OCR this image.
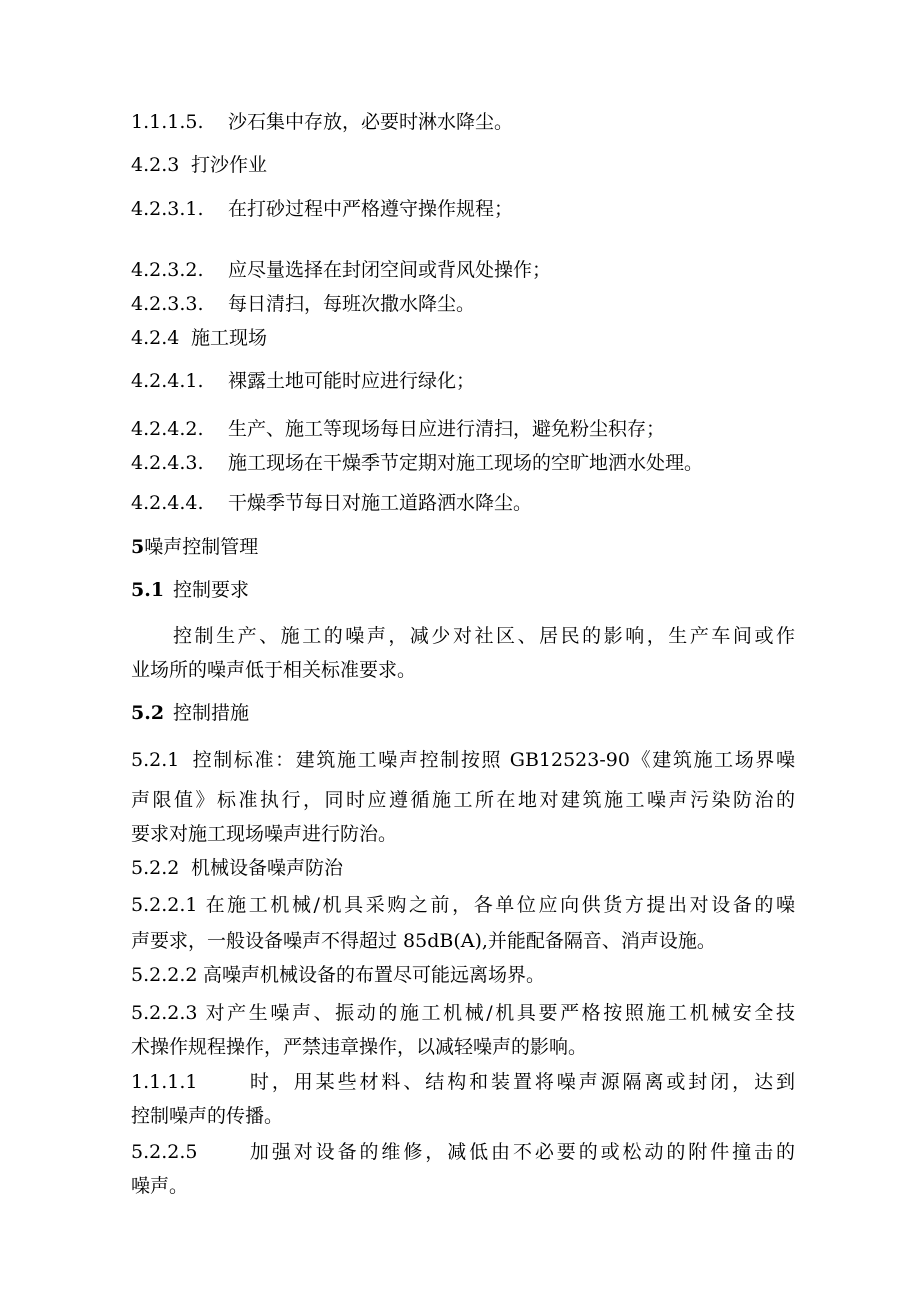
1.1.1.5. 沙石集中存放，必要时淋水降尘。
4.2.3 打沙作业
4.2.3.1. 在打砂过程中严格遵守操作规程；
4.2.3.2. 应尽量选择在封闭空间或背风处操作；
4.2.3.3. 每日清扫，每班次撒水降尘。
4.2.4 施工现场
4.2.4.1. 裸露土地可能时应进行绿化；
4.2.4.2. 生产、施工等现场每日应进行清扫，避免粉尘积存；
4.2.4.3. 施工现场在干燥季节定期对施工现场的空旷地洒水处理。
4.2.4.4. 干燥季节每日对施工道路洒水降尘。
5噪声控制管理
5.1 控制要求
控制生产、施工的噪声，减少对社区、居民的影响，生产车间或作
业场所的噪声低于相关标准要求。
5.2 控制措施
5.2.1 控制标准：建筑施工噪声控制按照 GB12523-90《建筑施工场界噪
声限值》标准执行，同时应遵循施工所在地对建筑施工噪声污染防治的
要求对施工现场噪声进行防治。
5.2.2 机械设备噪声防治
5.2.2.1 在施工机械/机具采购之前，各单位应向供货方提出对设备的噪
声要求，一般设备噪声不得超过 85dB(A),并能配备隔音、消声设施。
5.2.2.2 高噪声机械设备的布置尽可能远离场界。
5.2.2.3 对产生噪声、振动的施工机械/机具要严格按照施工机械安全技
术操作规程操作，严禁违章操作，以减轻噪声的影响。
1.1.1.1	时，用某些材料、结构和装置将噪声源隔离或封闭，达到
控制噪声的传播。
5.2.2.5	加强对设备的维修，减低由不必要的或松动的附件撞击的
噪声。
